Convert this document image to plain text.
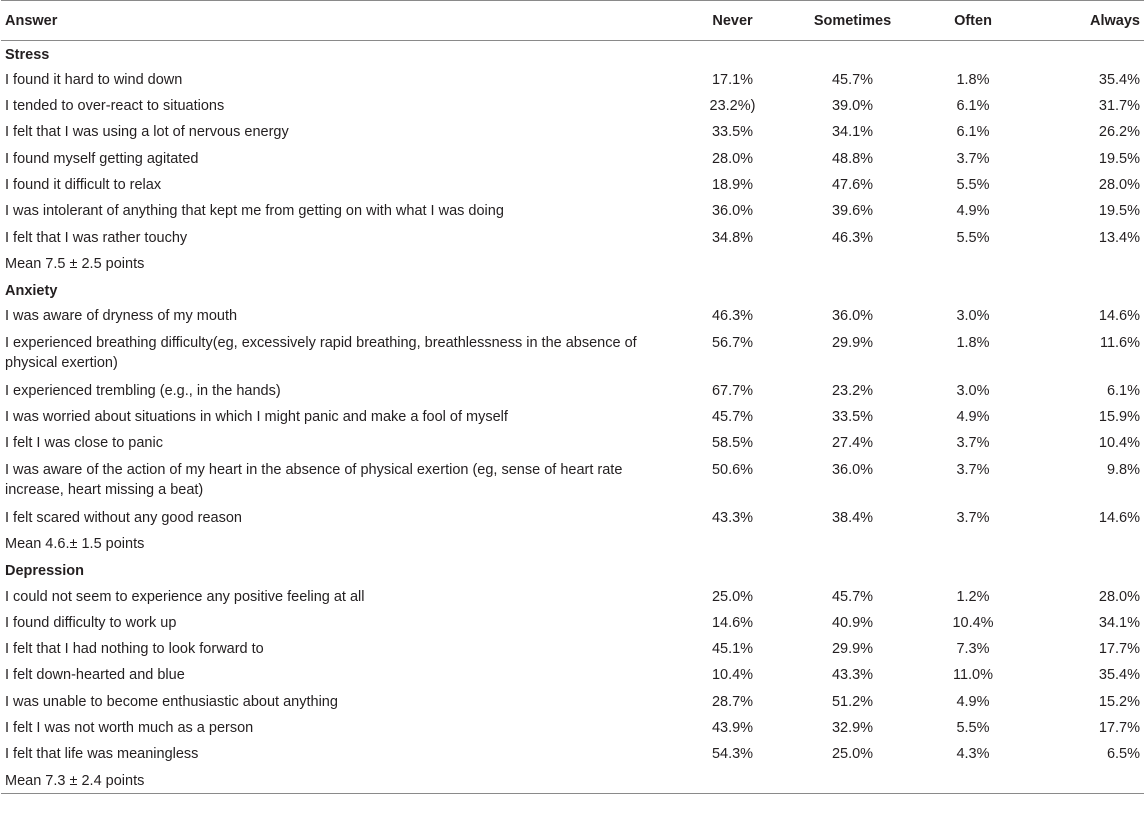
Answer	Never	Sometimes	Often	Always
Stress				
I found it hard to wind down	17.1%	45.7%	1.8%	35.4%
I tended to over-react to situations	23.2%)	39.0%	6.1%	31.7%
I felt that I was using a lot of nervous energy	33.5%	34.1%	6.1%	26.2%
I found myself getting agitated	28.0%	48.8%	3.7%	19.5%
I found it difficult to relax	18.9%	47.6%	5.5%	28.0%
I was intolerant of anything that kept me from getting on with what I was doing	36.0%	39.6%	4.9%	19.5%
I felt that I was rather touchy	34.8%	46.3%	5.5%	13.4%
Mean 7.5 ± 2.5 points				
Anxiety				
I was aware of dryness of my mouth	46.3%	36.0%	3.0%	14.6%
I experienced breathing difficulty(eg, excessively rapid breathing, breathlessness in the absence of physical exertion)	56.7%	29.9%	1.8%	11.6%
I experienced trembling (e.g., in the hands)	67.7%	23.2%	3.0%	6.1%
I was worried about situations in which I might panic and make a fool of myself	45.7%	33.5%	4.9%	15.9%
I felt I was close to panic	58.5%	27.4%	3.7%	10.4%
I was aware of the action of my heart in the absence of physical exertion (eg, sense of heart rate increase, heart missing a beat)	50.6%	36.0%	3.7%	9.8%
I felt scared without any good reason	43.3%	38.4%	3.7%	14.6%
Mean 4.6.± 1.5 points				
Depression				
I could not seem to experience any positive feeling at all	25.0%	45.7%	1.2%	28.0%
I found difficulty to work up	14.6%	40.9%	10.4%	34.1%
I felt that I had nothing to look forward to	45.1%	29.9%	7.3%	17.7%
I felt down-hearted and blue	10.4%	43.3%	11.0%	35.4%
I was unable to become enthusiastic about anything	28.7%	51.2%	4.9%	15.2%
I felt I was not worth much as a person	43.9%	32.9%	5.5%	17.7%
I felt that life was meaningless	54.3%	25.0%	4.3%	6.5%
Mean 7.3 ± 2.4 points				
